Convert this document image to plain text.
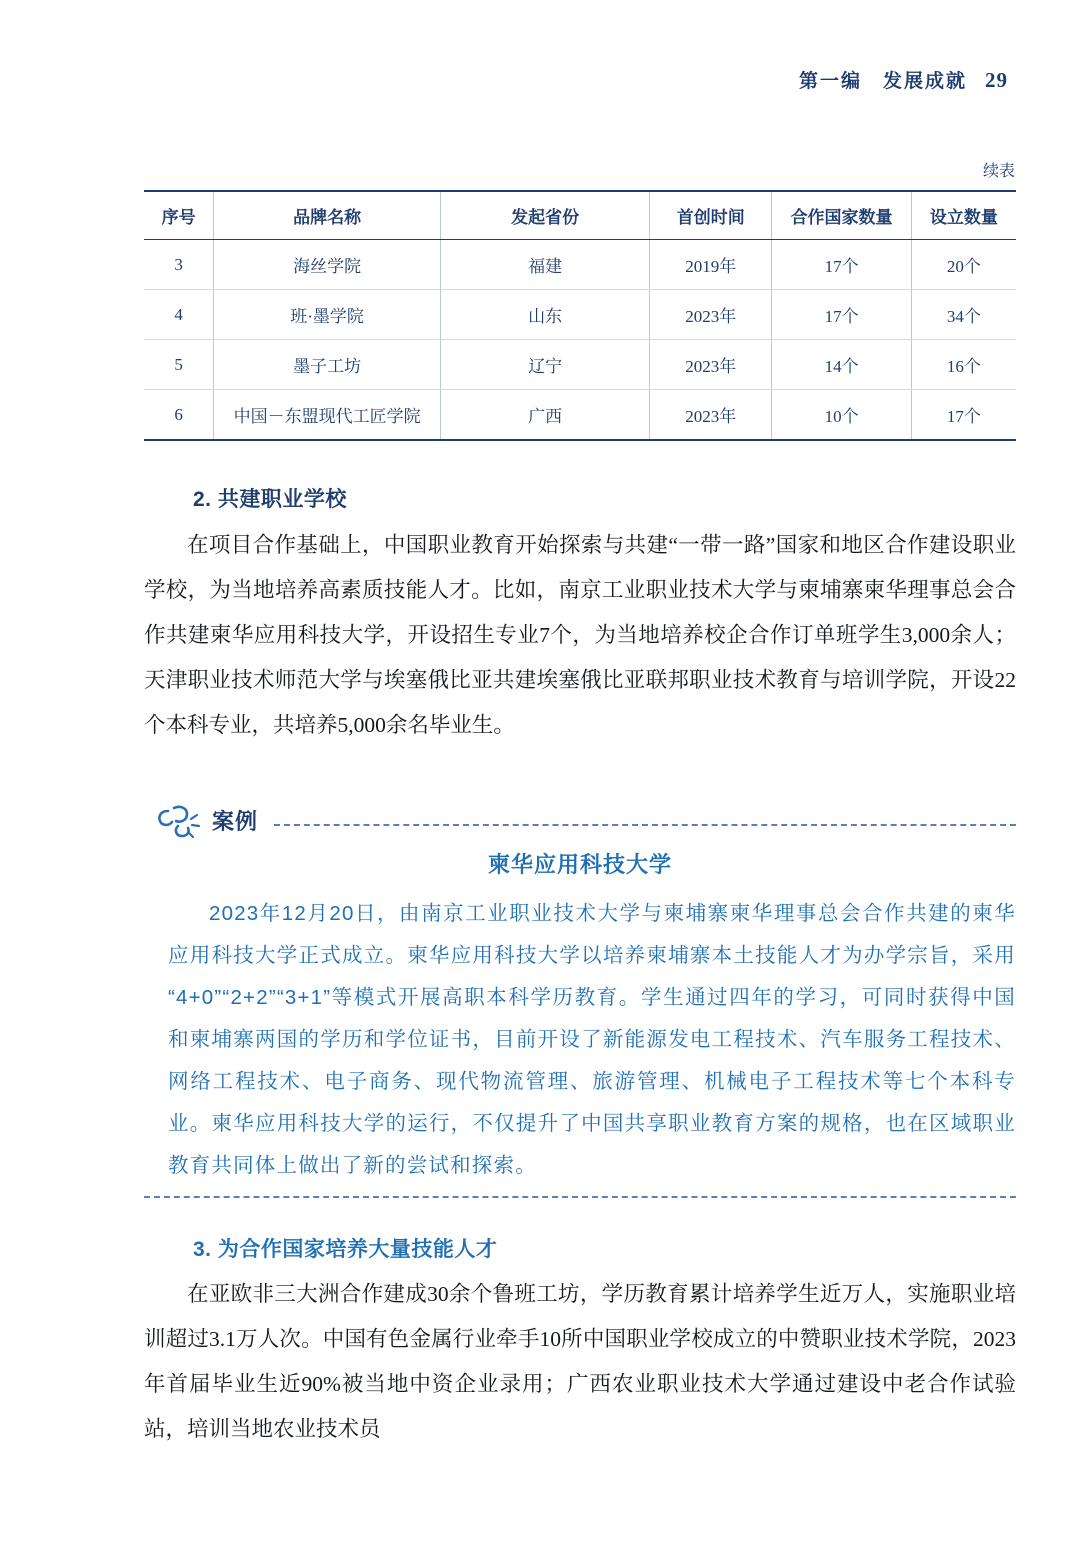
第一编　发展成就 29
续表
序号	品牌名称	发起省份	首创时间	合作国家数量	设立数量
3	海丝学院	福建	2019年	17个	20个
4	班·墨学院	山东	2023年	17个	34个
5	墨子工坊	辽宁	2023年	14个	16个
6	中国－东盟现代工匠学院	广西	2023年	10个	17个
2. 共建职业学校

在项目合作基础上，中国职业教育开始探索与共建“一带一路”国家和地区合作建设职业学校，为当地培养高素质技能人才。比如，南京工业职业技术大学与柬埔寨柬华理事总会合作共建柬华应用科技大学，开设招生专业7个，为当地培养校企合作订单班学生3,000余人；天津职业技术师范大学与埃塞俄比亚共建埃塞俄比亚联邦职业技术教育与培训学院，开设22个本科专业，共培养5,000余名毕业生。

案例
柬华应用科技大学

2023年12月20日，由南京工业职业技术大学与柬埔寨柬华理事总会合作共建的柬华应用科技大学正式成立。柬华应用科技大学以培养柬埔寨本土技能人才为办学宗旨，采用“4+0”“2+2”“3+1”等模式开展高职本科学历教育。学生通过四年的学习，可同时获得中国和柬埔寨两国的学历和学位证书，目前开设了新能源发电工程技术、汽车服务工程技术、网络工程技术、电子商务、现代物流管理、旅游管理、机械电子工程技术等七个本科专业。柬华应用科技大学的运行，不仅提升了中国共享职业教育方案的规格，也在区域职业教育共同体上做出了新的尝试和探索。

3. 为合作国家培养大量技能人才

在亚欧非三大洲合作建成30余个鲁班工坊，学历教育累计培养学生近万人，实施职业培训超过3.1万人次。中国有色金属行业牵手10所中国职业学校成立的中赞职业技术学院，2023年首届毕业生近90%被当地中资企业录用；广西农业职业技术大学通过建设中老合作试验站，培训当地农业技术员
